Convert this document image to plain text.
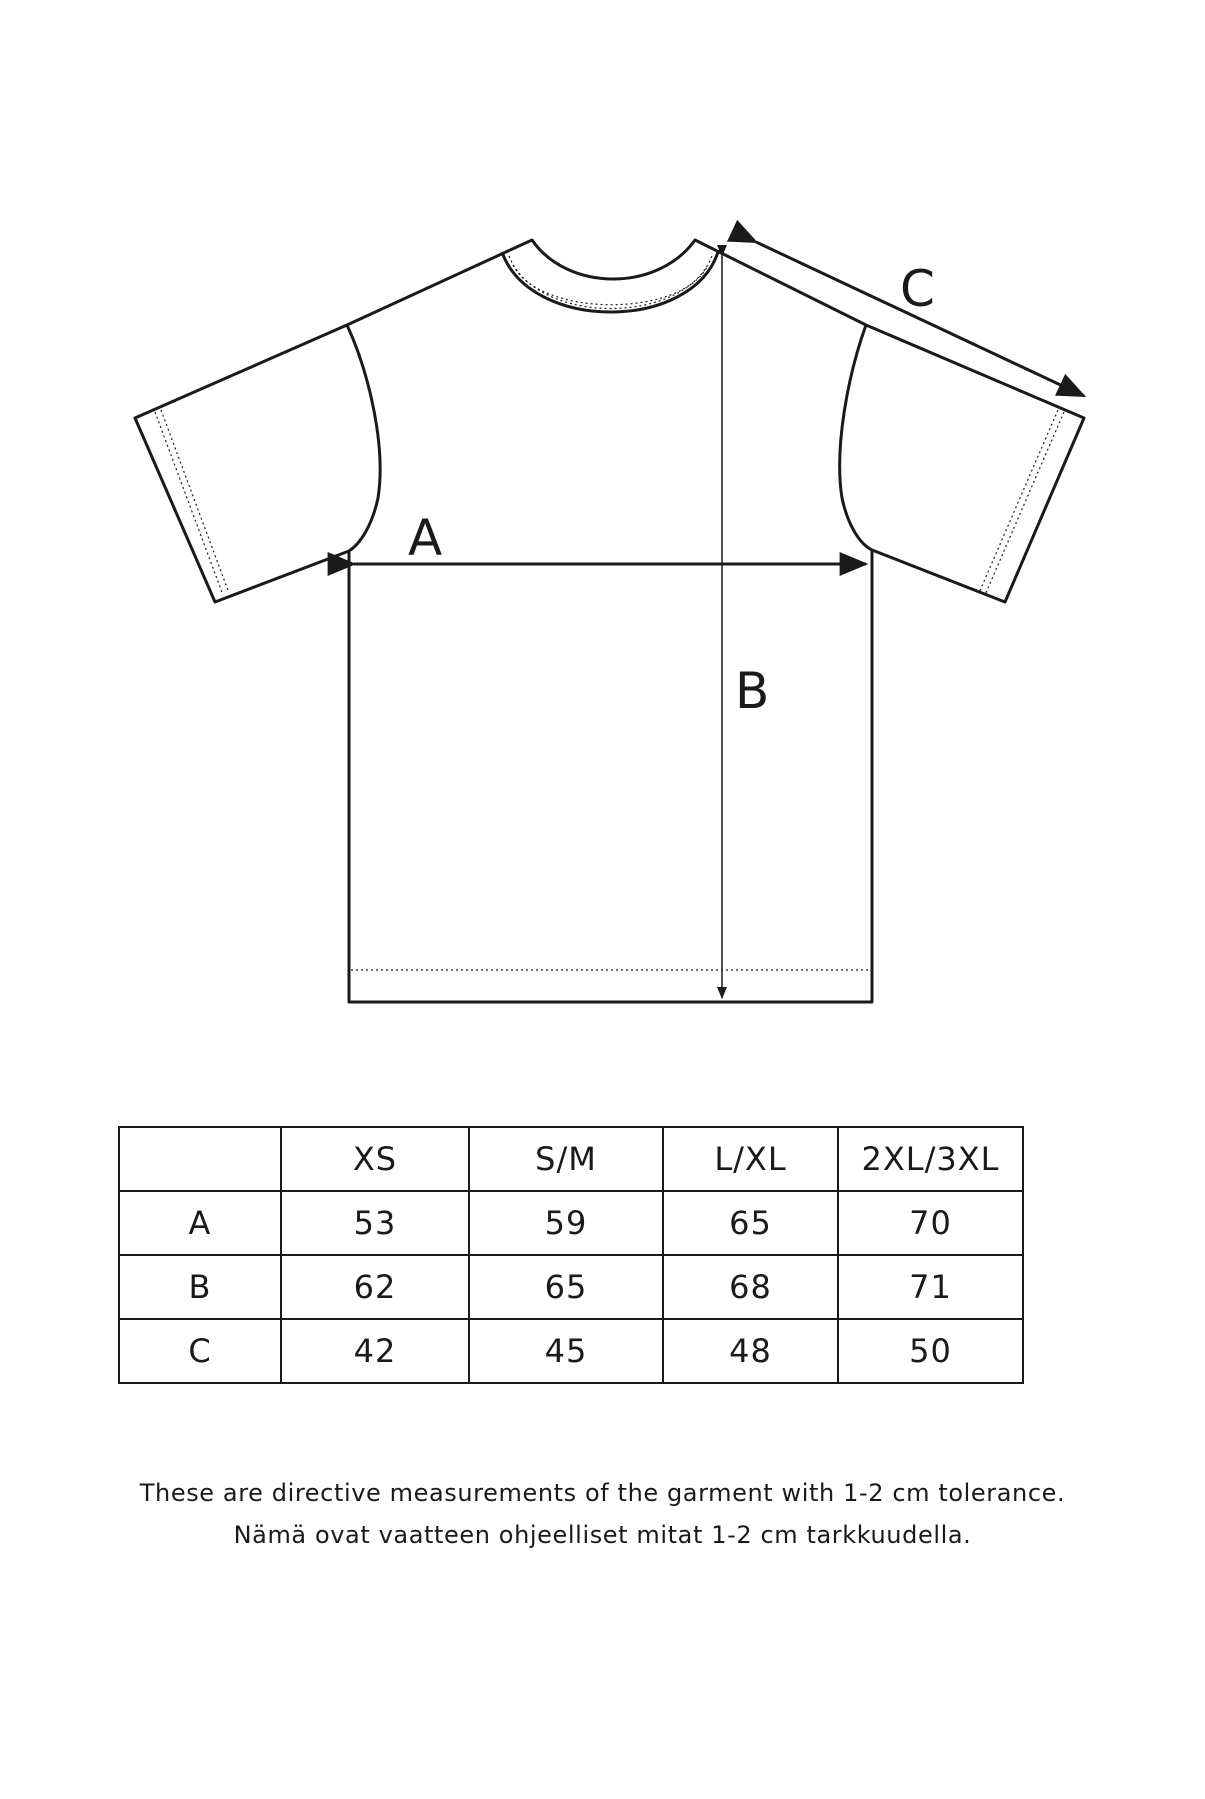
A
B
C
	XS	S/M	L/XL	2XL/3XL
A	53	59	65	70
B	62	65	68	71
C	42	45	48	50

These are directive measurements of the garment with 1-2 cm tolerance.

Nämä ovat vaatteen ohjeelliset mitat 1-2 cm tarkkuudella.
